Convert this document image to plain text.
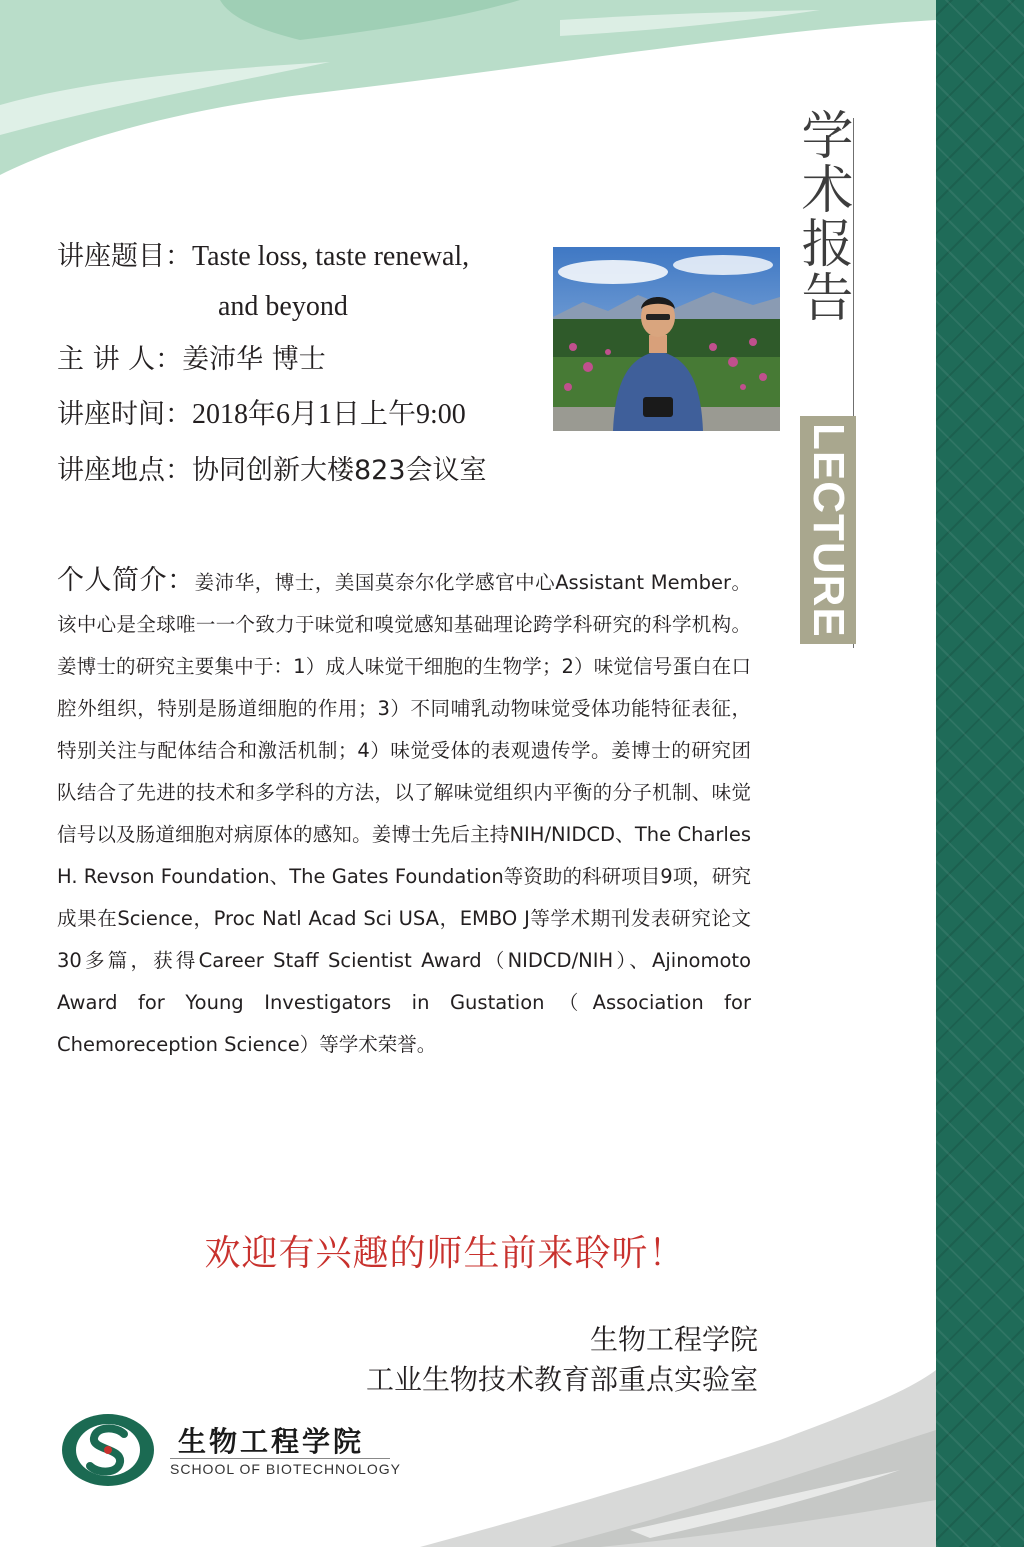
学术报告
LECTURE
讲座题目：Taste loss, taste renewal,
and beyond
主 讲 人：姜沛华 博士
讲座时间：2018年6月1日上午9:00
讲座地点：协同创新大楼823会议室
个人简介：姜沛华，博士，美国莫奈尔化学感官中心Assistant Member。该中心是全球唯一一个致力于味觉和嗅觉感知基础理论跨学科研究的科学机构。姜博士的研究主要集中于：1）成人味觉干细胞的生物学；2）味觉信号蛋白在口腔外组织，特别是肠道细胞的作用；3）不同哺乳动物味觉受体功能特征表征，特别关注与配体结合和激活机制；4）味觉受体的表观遗传学。姜博士的研究团队结合了先进的技术和多学科的方法，以了解味觉组织内平衡的分子机制、味觉信号以及肠道细胞对病原体的感知。姜博士先后主持NIH/NIDCD、The Charles H. Revson Foundation、The Gates Foundation等资助的科研项目9项，研究成果在Science，Proc Natl Acad Sci USA，EMBO J等学术期刊发表研究论文30多篇，获得Career Staff Scientist Award（NIDCD/NIH）、Ajinomoto Award for Young Investigators in Gustation（Association for Chemoreception Science）等学术荣誉。
欢迎有兴趣的师生前来聆听！
生物工程学院
工业生物技术教育部重点实验室
生物工程学院
SCHOOL OF BIOTECHNOLOGY
